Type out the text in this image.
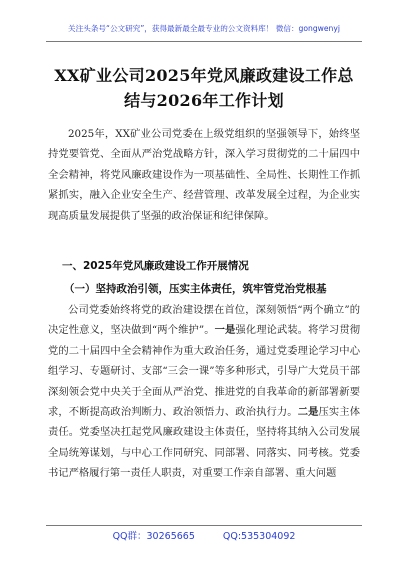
关注头条号“公文研究”，获得最新最全最专业的公文资料库！ 微信：gongwenyj
XX矿业公司2025年党风廉政建设工作总
结与2026年工作计划
2025年，XX矿业公司党委在上级党组织的坚强领导下，始终坚持党要管党、全面从严治党战略方针，深入学习贯彻党的二十届四中全会精神，将党风廉政建设作为一项基础性、全局性、长期性工作抓紧抓实，融入企业安全生产、经营管理、改革发展全过程，为企业实现高质量发展提供了坚强的政治保证和纪律保障。
一、2025年党风廉政建设工作开展情况
（一）坚持政治引领，压实主体责任，筑牢管党治党根基
公司党委始终将党的政治建设摆在首位，深刻领悟“两个确立”的决定性意义，坚决做到“两个维护”。一是强化理论武装。将学习贯彻党的二十届四中全会精神作为重大政治任务，通过党委理论学习中心组学习、专题研讨、支部“三会一课”等多种形式，引导广大党员干部深刻领会党中央关于全面从严治党、推进党的自我革命的新部署新要求，不断提高政治判断力、政治领悟力、政治执行力。二是压实主体责任。党委坚决扛起党风廉政建设主体责任，坚持将其纳入公司发展全局统筹谋划，与中心工作同研究、同部署、同落实、同考核。党委书记严格履行第一责任人职责，对重要工作亲自部署、重大问题
QQ群：30265665	QQ:535304092
